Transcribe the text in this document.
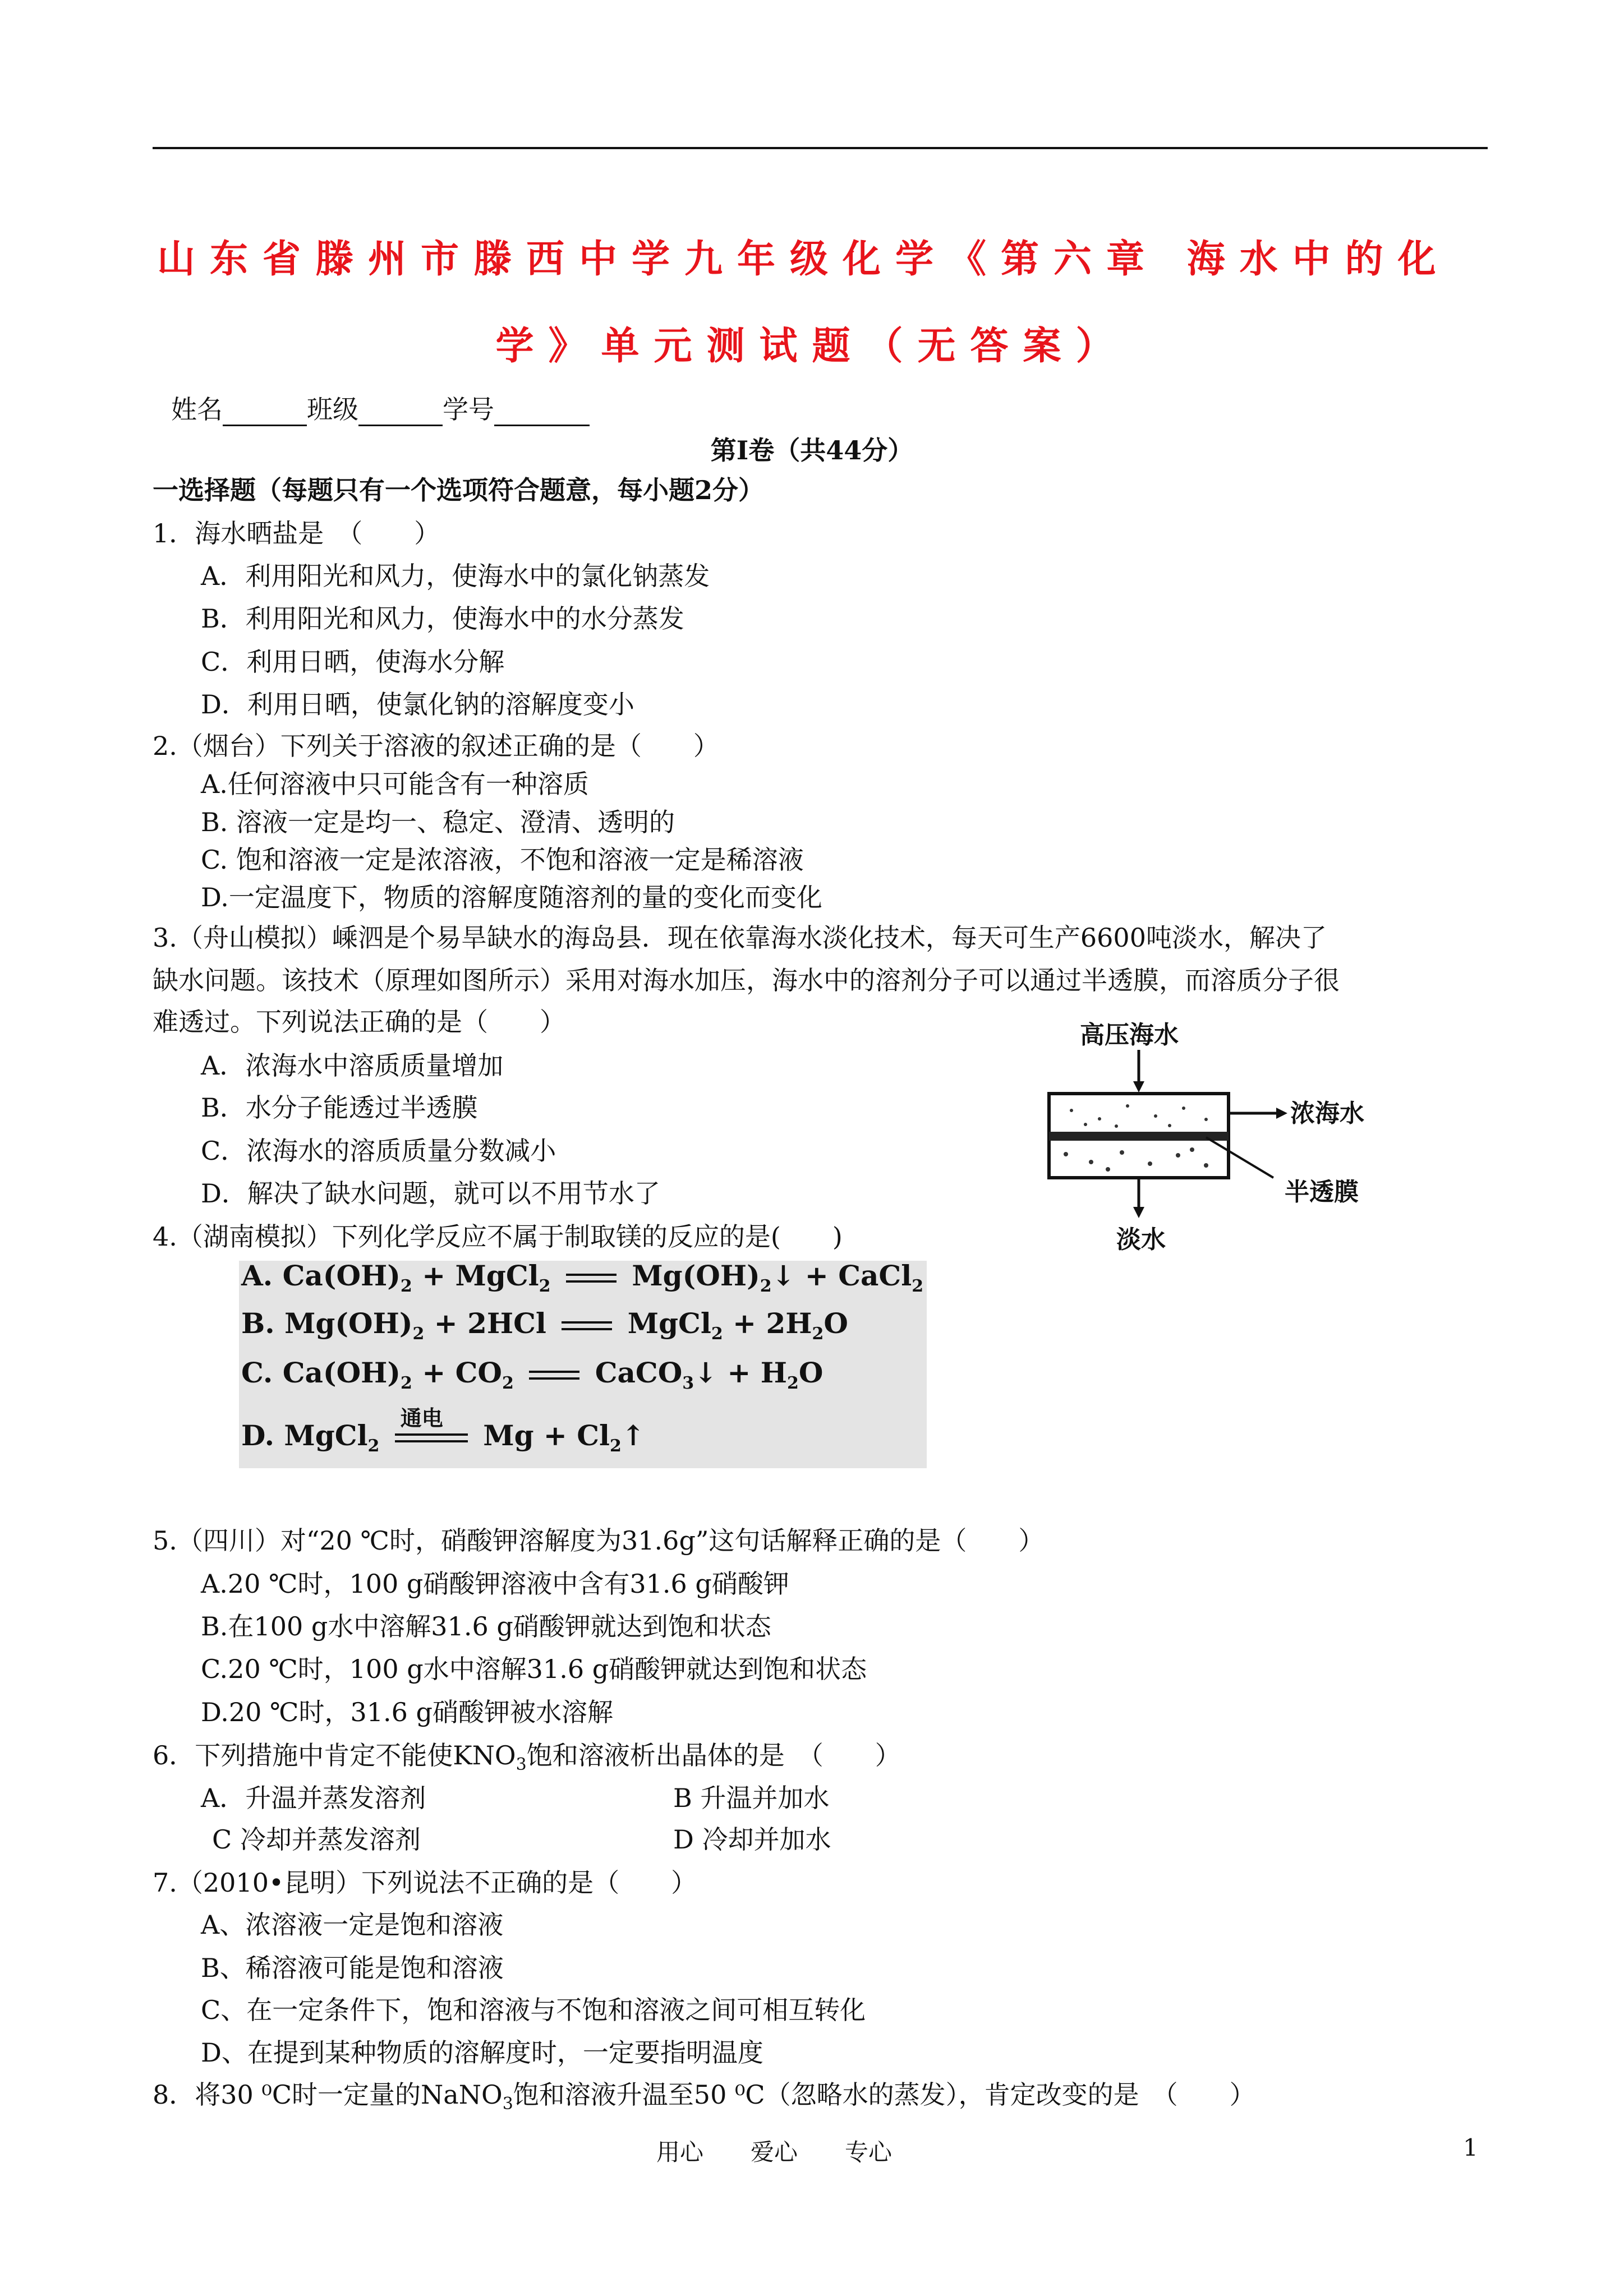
山东省滕州市滕西中学九年级化学《第六章 海水中的化
学》单元测试题（无答案）
姓名	班级	学号
第Ⅰ卷（共44分）
一选择题（每题只有一个选项符合题意，每小题2分）
1．海水晒盐是　（　　）
A．利用阳光和风力，使海水中的氯化钠蒸发
B．利用阳光和风力，使海水中的水分蒸发
C．利用日晒，使海水分解
D．利用日晒，使氯化钠的溶解度变小
2.（烟台）下列关于溶液的叙述正确的是（　　）
A.任何溶液中只可能含有一种溶质
B. 溶液一定是均一、稳定、澄清、透明的
C. 饱和溶液一定是浓溶液，不饱和溶液一定是稀溶液
D.一定温度下，物质的溶解度随溶剂的量的变化而变化
3.（舟山模拟）嵊泗是个易旱缺水的海岛县．现在依靠海水淡化技术，每天可生产6600吨淡水，解决了
缺水问题。该技术（原理如图所示）采用对海水加压，海水中的溶剂分子可以通过半透膜，而溶质分子很
难透过。下列说法正确的是（　　）
A．浓海水中溶质质量增加
B．水分子能透过半透膜
C．浓海水的溶质质量分数减小
D．解决了缺水问题，就可以不用节水了
高压海水
浓海水
半透膜
淡水
4.（湖南模拟）下列化学反应不属于制取镁的反应的是(　　)
A. $Ca(OH)_2$ + MgCl$_2$	$Mg(OH)_2↓$ + CaCl$_2$
B. $Mg(OH)_2 + 2HCl$	MgCl$_2$ + $2H_2O$
C. $Ca(OH)_2 + CO_2$	CaCO$_3$↓ + $H_2O$
D. MgCl$_2$
通电
$Mg + Cl_2↑$
5.（四川）对“20 ℃时，硝酸钾溶解度为31.6g”这句话解释正确的是（　　）
A.20 ℃时，100 g硝酸钾溶液中含有31.6 g硝酸钾
B.在100 g水中溶解31.6 g硝酸钾就达到饱和状态
C.20 ℃时，100 g水中溶解31.6 g硝酸钾就达到饱和状态
D.20 ℃时，31.6 g硝酸钾被水溶解
6．下列措施中肯定不能使$KNO_3$饱和溶液析出晶体的是　（　　）
A．升温并蒸发溶剂	B 升温并加水
C 冷却并蒸发溶剂	D 冷却并加水
7.（2010•昆明）下列说法不正确的是（　　）
A、浓溶液一定是饱和溶液
B、稀溶液可能是饱和溶液
C、在一定条件下，饱和溶液与不饱和溶液之间可相互转化
D、在提到某种物质的溶解度时，一定要指明温度
8．将30 ⁰C时一定量的NaNO$_3$饱和溶液升温至50 ⁰C（忽略水的蒸发），肯定改变的是　（　　）
用心　　爱心　　专心	1
